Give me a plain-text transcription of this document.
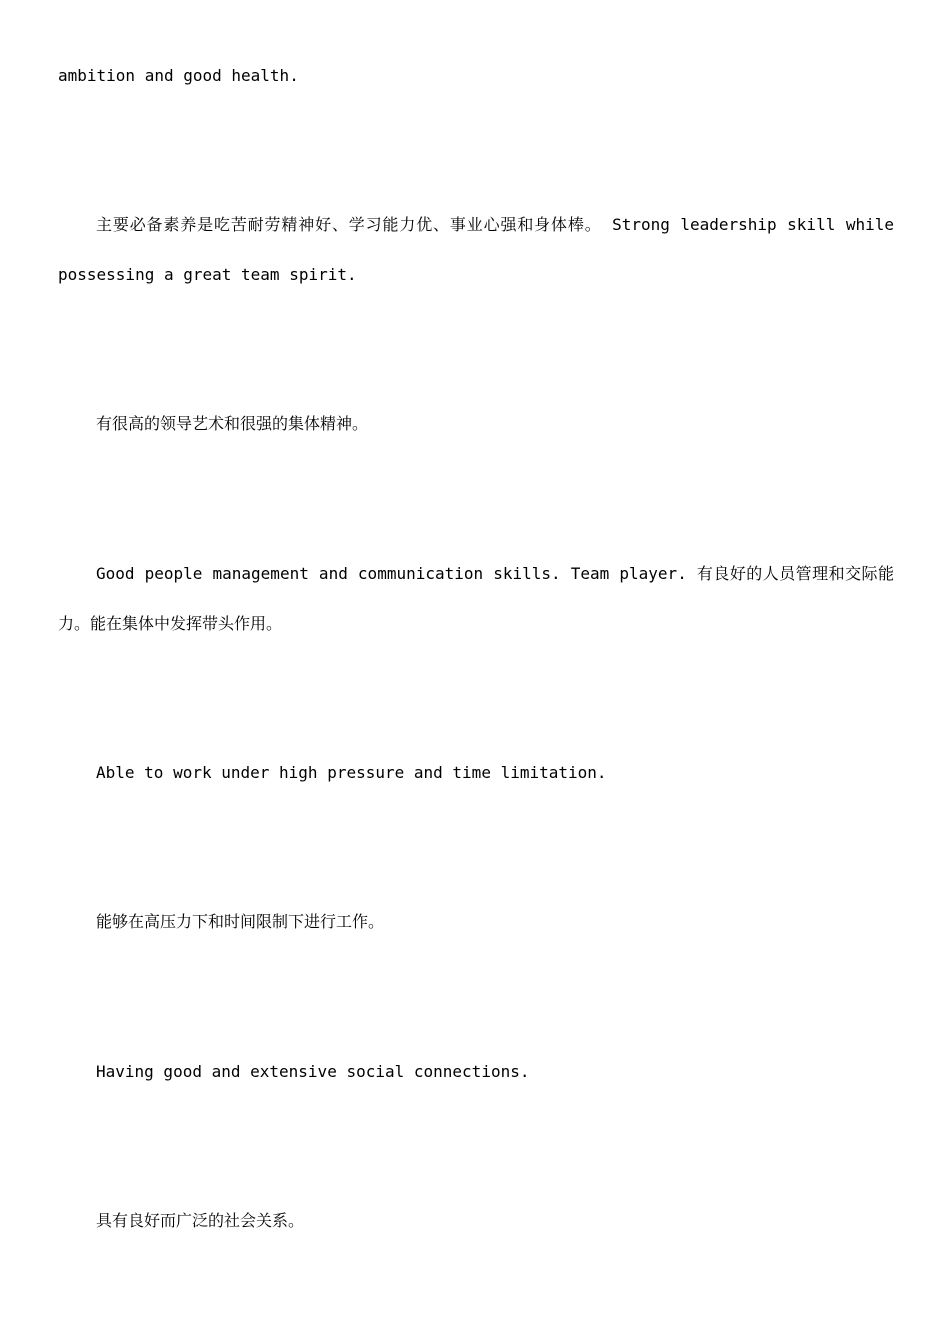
ambition and good health.

主要必备素养是吃苦耐劳精神好、学习能力优、事业心强和身体棒。 Strong leadership skill while possessing a great team spirit.

有很高的领导艺术和很强的集体精神。

Good people management and communication skills. Team player. 有良好的人员管理和交际能力。能在集体中发挥带头作用。

Able to work under high pressure and time limitation.

能够在高压力下和时间限制下进行工作。

Having good and extensive social connections.

具有良好而广泛的社会关系。
